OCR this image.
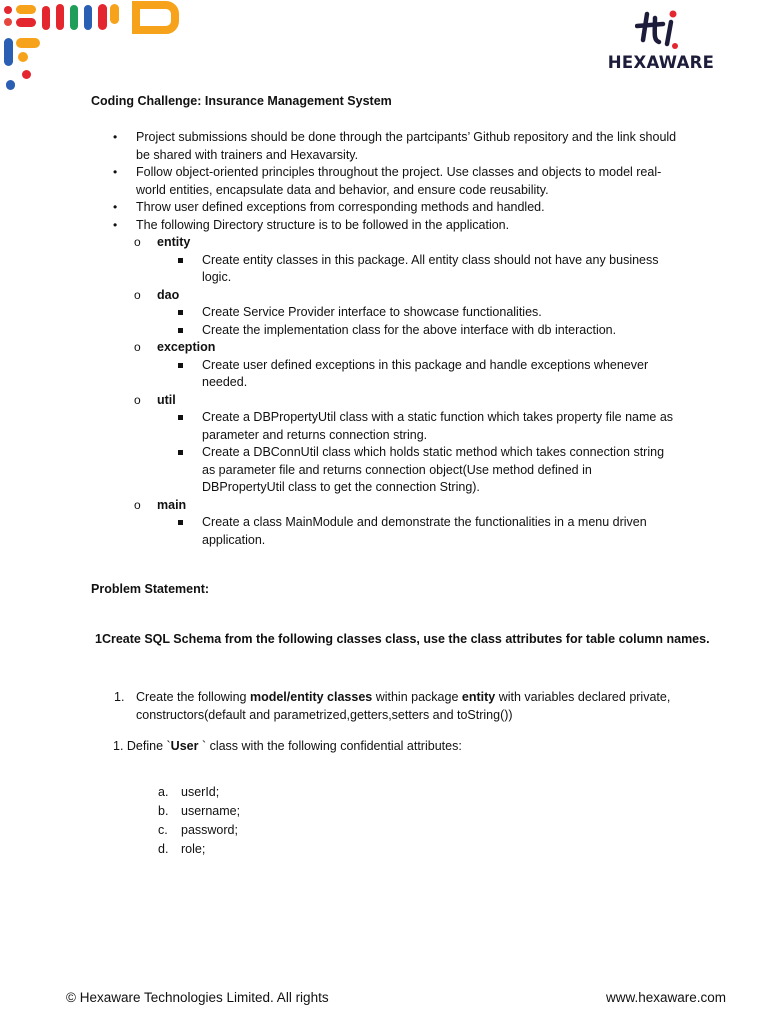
HEXAWARE
Coding Challenge: Insurance Management System
• Project submissions should be done through the partcipants’ Github repository and the link should be shared with trainers and Hexavarsity.
• Follow object-oriented principles throughout the project. Use classes and objects to model real-world entities, encapsulate data and behavior, and ensure code reusability.
• Throw user defined exceptions from corresponding methods and handled.
• The following Directory structure is to be followed in the application.
o entity
Create entity classes in this package. All entity class should not have any business logic.
o dao
Create Service Provider interface to showcase functionalities.
Create the implementation class for the above interface with db interaction.
o exception
Create user defined exceptions in this package and handle exceptions whenever needed.
o util
Create a DBPropertyUtil class with a static function which takes property file name as parameter and returns connection string.
Create a DBConnUtil class which holds static method which takes connection string as parameter file and returns connection object(Use method defined in DBPropertyUtil class to get the connection String).
o main
Create a class MainModule and demonstrate the functionalities in a menu driven application.
Problem Statement:
1Create SQL Schema from the following classes class, use the class attributes for table column names.
1. Create the following model/entity classes within package entity with variables declared private, constructors(default and parametrized,getters,setters and toString())
1. Define `User ` class with the following confidential attributes:
a. userId;
b. username;
c. password;
d. role;
© Hexaware Technologies Limited. All rights	www.hexaware.com
